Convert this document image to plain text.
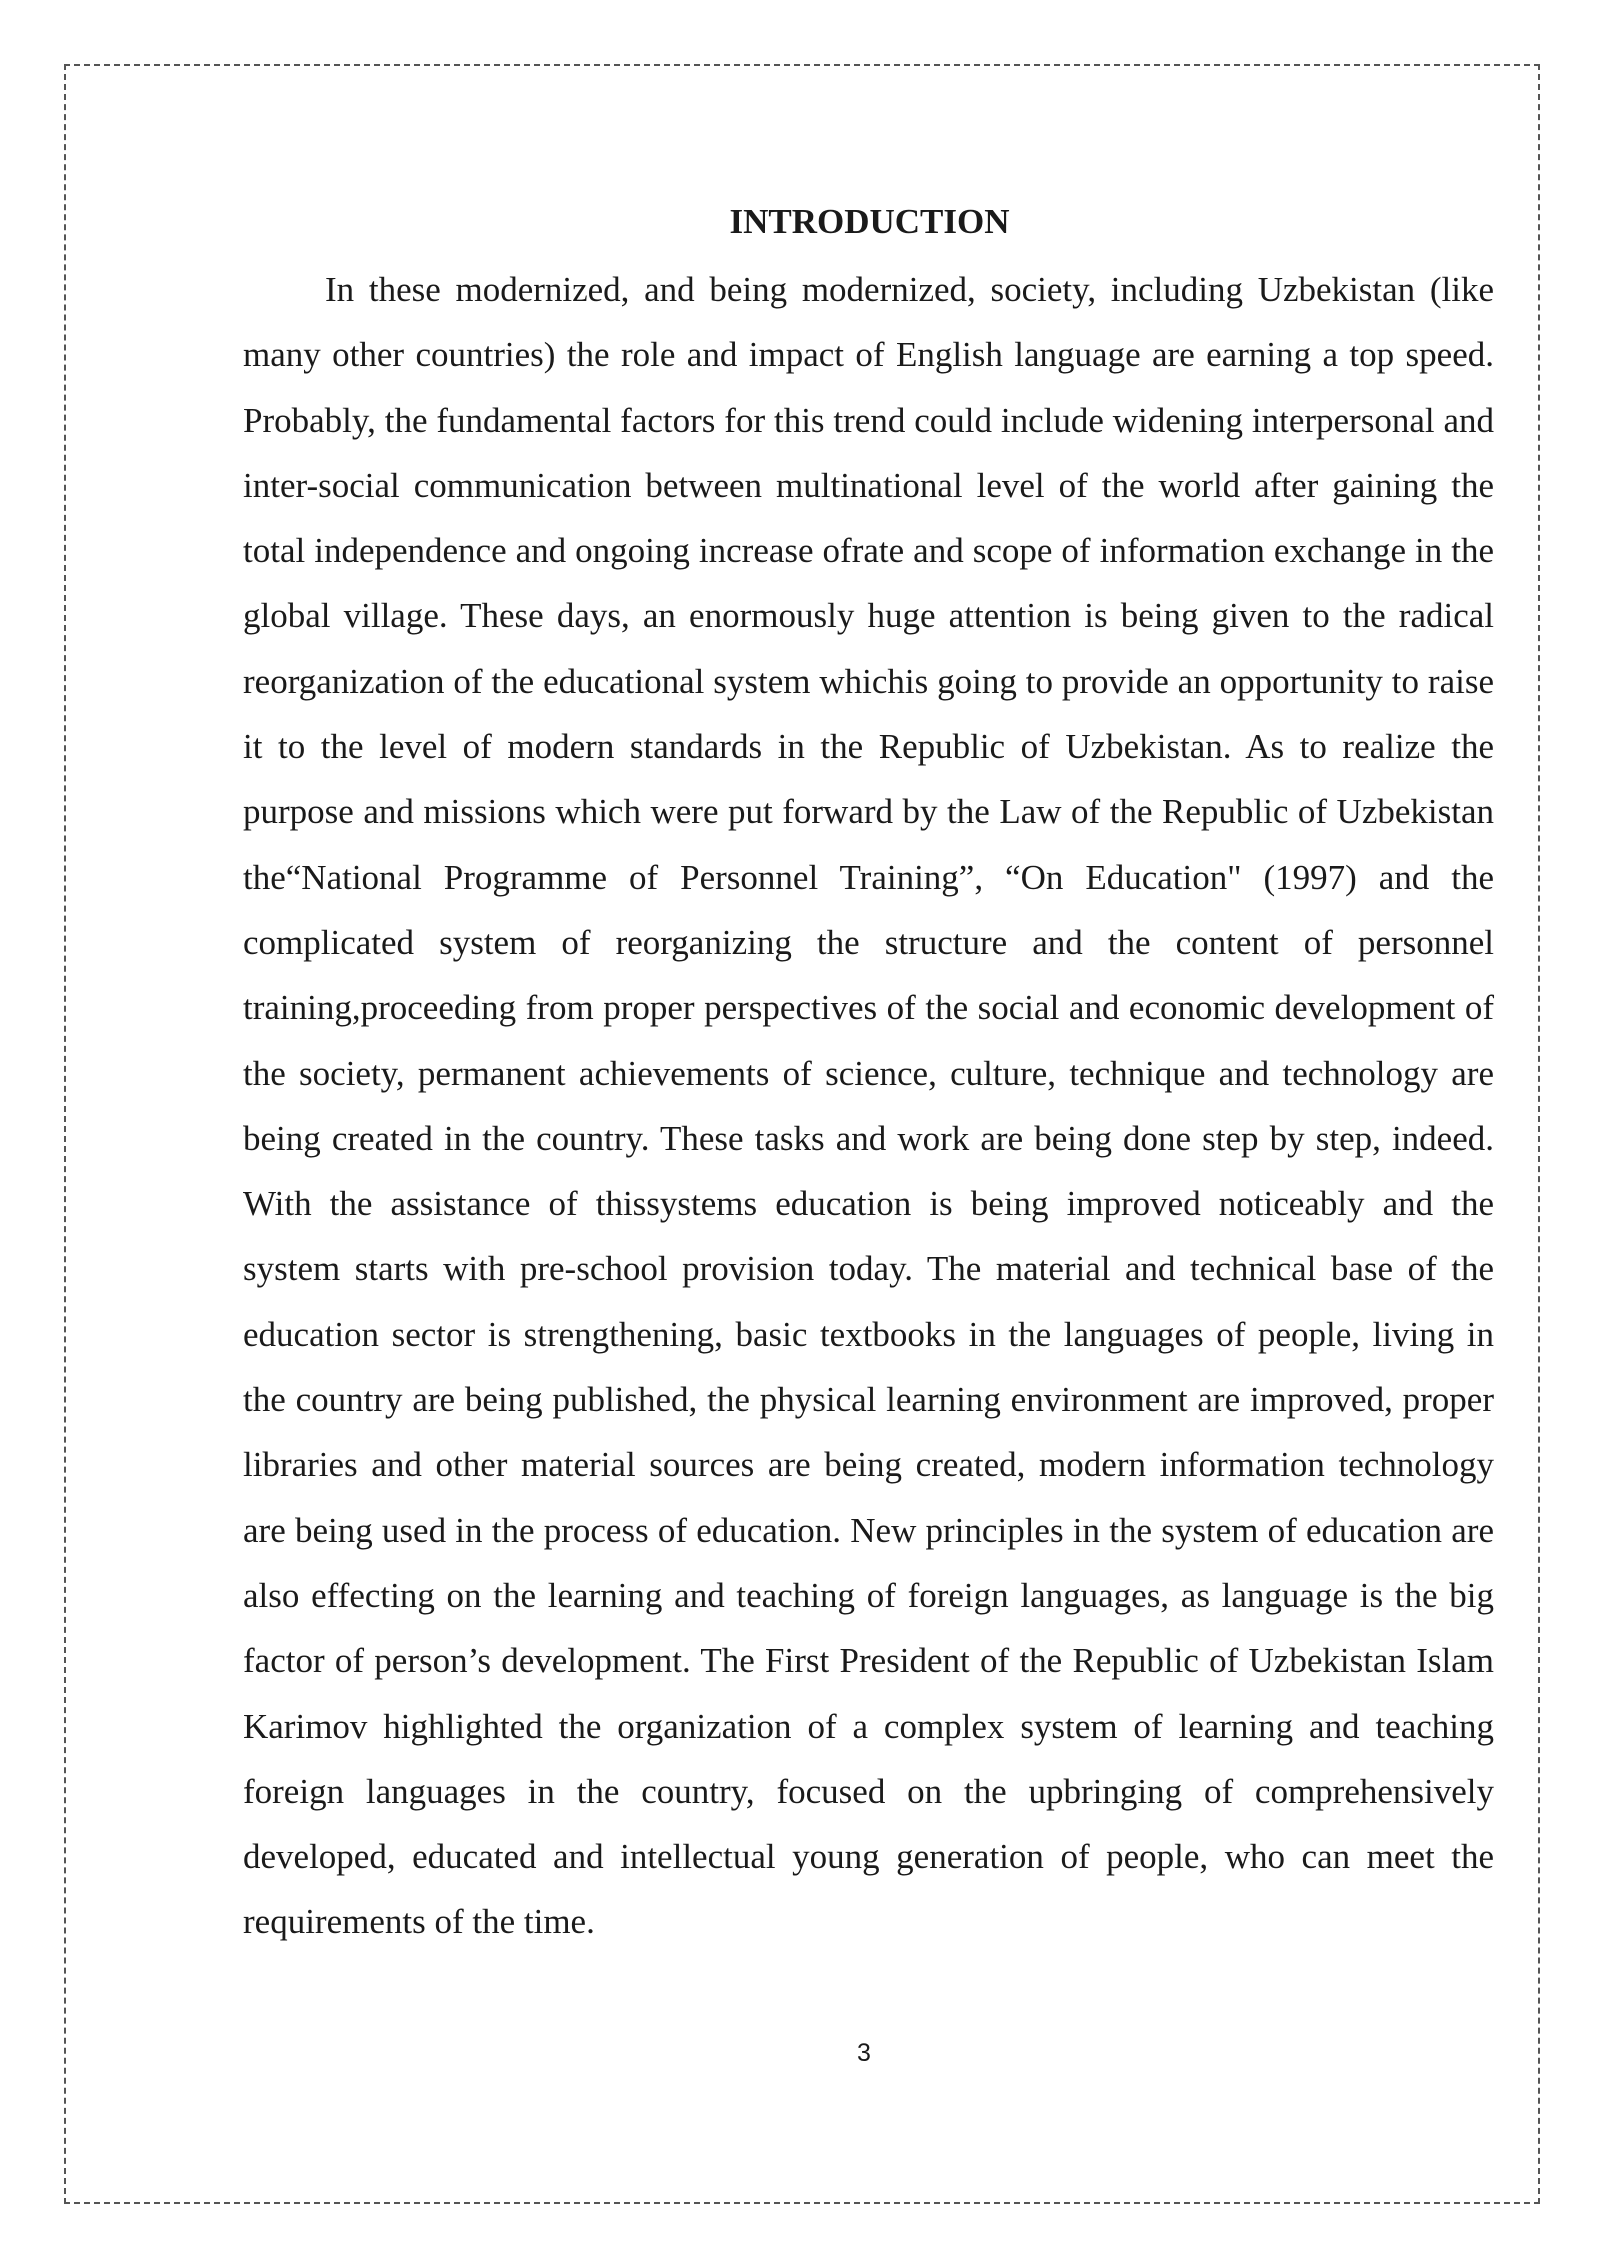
INTRODUCTION

In these modernized, and being modernized, society, including Uzbekistan (like many other countries) the role and impact of English language are earning a top speed. Probably, the fundamental factors for this trend could include widening interpersonal and inter-social communication between multinational level of the world after gaining the total independence and ongoing increase ofrate and scope of information exchange in the global village. These days, an enormously huge attention is being given to the radical reorganization of the educational system whichis going to provide an opportunity to raise it to the level of modern standards in the Republic of Uzbekistan. As to realize the purpose and missions which were put forward by the Law of the Republic of Uzbekistan the“National Programme of Personnel Training”, “On Education" (1997) and the complicated system of reorganizing the structure and the content of personnel training,proceeding from proper perspectives of the social and economic development of the society, permanent achievements of science, culture, technique and technology are being created in the country. These tasks and work are being done step by step, indeed. With the assistance of thissystems education is being improved noticeably and the system starts with pre-school provision today. The material and technical base of the education sector is strengthening, basic textbooks in the languages of people, living in the country are being published, the physical learning environment are improved, proper libraries and other material sources are being created, modern information technology are being used in the process of education. New principles in the system of education are also effecting on the learning and teaching of foreign languages, as language is the big factor of person’s development. The First President of the Republic of Uzbekistan Islam Karimov highlighted the organization of a complex system of learning and teaching foreign languages in the country, focused on the upbringing of comprehensively developed, educated and intellectual young generation of people, who can meet the requirements of the time.

3
